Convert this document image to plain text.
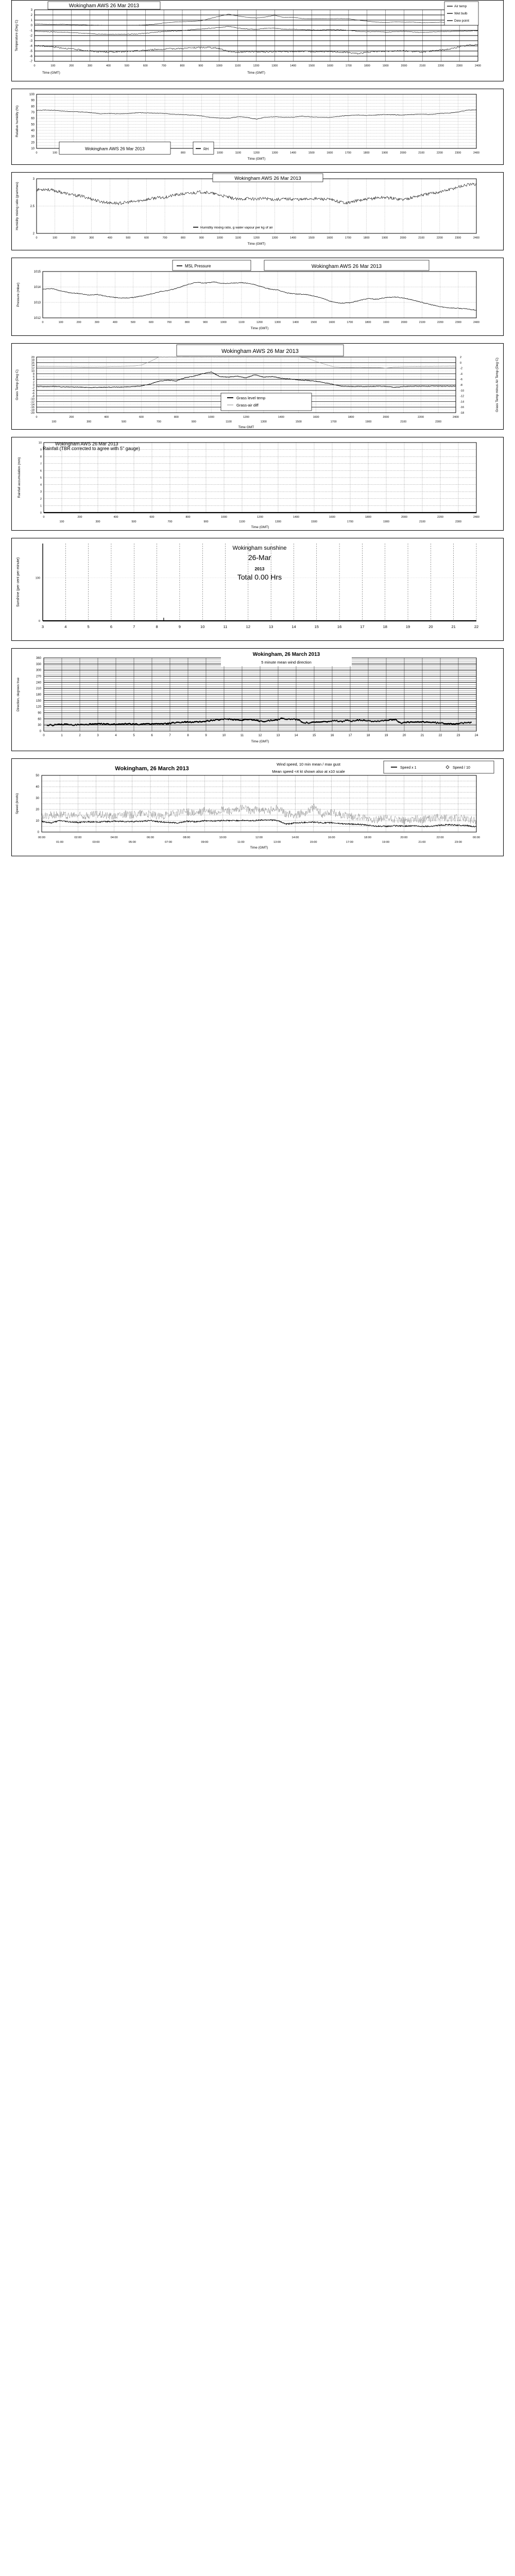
0	100	200	300	400	500	600	700	800	900	1000	1100	1200	1300	1400	1500	1600	1700	1800	1900	2000	2100	2200	2300	2400
-7
-6
-5
-4
-3
-2
-1
0
1
2
3
Time (GMT)	Time (GMT)
Temperature (Deg C)
Wokingham AWS 26 Mar 2013	Air temp
Wet bulb
Dew point
10
20
30
40
50
60
70
80
90
100
0	100	800	1000	1100	1200	1300	1400	1500	1600	1700	1800	1900	2000	2100	2200	2300	2400
Time (GMT)
Relative humidity (%)
Wokingham AWS 26 Mar 2013	RH
2
2.5
3
0	100	200	300	400	500	600	700	800	900	1000	1100	1200	1300	1400	1500	1600	1700	1800	1900	2000	2100	2200	2300	2400
Time (GMT)
Humidity mixing ratio (grammes)
Wokingham AWS 26 Mar 2013
Humidity mixing ratio, g water vapour per kg of air
1012
1013
1014
1015
0	100	200	300	400	500	600	700	800	900	1000	1100	1200	1300	1400	1500	1600	1700	1800	1900	2000	2100	2200	2300	2400
Time (GMT)
Pressure (mbar)
MSL Pressure	Wokingham AWS 26 Mar 2013
-20
-18
-16
-14
-12
-10
-8
-6
-4
-2
0
2
4
6
8
10
12
14
16
18
20
-18
-16
-14
-12
-10
-8
-6
-4
-2
0
2
0
100
200
300
400
500
600
700
800
900
1000
1100
1200
1300
1400
1500
1600
1700
1800
1900
2000
2100
2200
2300
2400
Time GMT
Grass Temp (Deg C)	Grass Temp minus Air Temp (Deg C)
Wokingham AWS 26 Mar 2013
Grass level temp
Grass-air diff
0
1
2
3
4
5
6
7
8
9
10
0	200	400	600	800	1000	1200	1400	1600	1800	2000	2200	2400
100	300	500	700	900	1100	1300	1500	1700	1900	2100	2300
Time (GMT)
Rainfall accumulation (mm)
Wokingham AWS 26 Mar 2013
Rainfall (TBR corrected to agree with 5" gauge)
3	4	5	6	7	8	9	10	11	12	13	14	15	16	17	18	19	20	21	22
0
100
Sunshine (per cent per minute)
Wokingham sunshine
26-Mar
2013
Total 0.00 Hrs
0	1	2	3	4	5	6	7	8	9	10	11	12	13	14	15	16	17	18	19	20	21	22	23	24
0
30
60
90
120
150
180
210
240
270
300
330
360
Time (GMT)
Direction, degrees true
Wokingham, 26 March 2013
5 minute mean wind direction
0
10
20
30
40
50
00:00
01:00
02:00
03:00
04:00
05:00
06:00
07:00
08:00
09:00
10:00
11:00
12:00
13:00
14:00
15:00
16:00
17:00
18:00
19:00
20:00
21:00
22:00
23:00
00:00
Time (GMT)
Speed (knots)
Wokingham, 26 March 2013
Wind speed, 10 min mean / max gust
Mean speed <4 kt shown also at x10 scale
Speed x 1	Speed / 10
